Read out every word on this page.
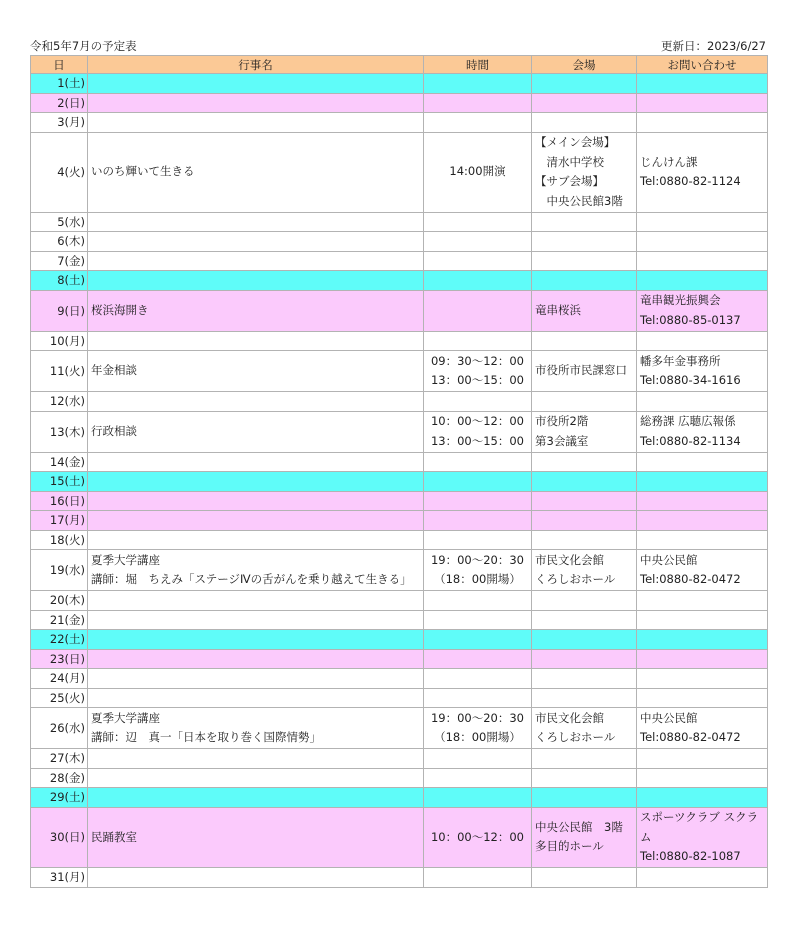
令和5年7月の予定表	更新日：2023/6/27
日	行事名	時間	会場	お問い合わせ
1(土)				
2(日)				
3(月)				
4(火)	いのち輝いて生きる	14:00開演	【メイン会場】
　清水中学校
【サブ会場】
　中央公民館3階	じんけん課
Tel:0880-82-1124

5(水)				
6(木)				
7(金)				
8(土)				
9(日)	桜浜海開き		竜串桜浜	竜串観光振興会
Tel:0880-85-0137

10(月)				
11(火)	年金相談	09：30～12：00
13：00～15：00	市役所市民課窓口	幡多年金事務所
Tel:0880-34-1616

12(水)				
13(木)	行政相談	10：00～12：00
13：00～15：00	市役所2階
第3会議室	総務課 広聴広報係
Tel:0880-82-1134

14(金)				
15(土)				
16(日)				
17(月)				
18(火)				
19(水)	夏季大学講座
講師：堀　ちえみ「ステージⅣの舌がんを乗り越えて生きる」	19：00～20：30
（18：00開場）	市民文化会館
くろしおホール	中央公民館
Tel:0880-82-0472

20(木)				
21(金)				
22(土)				
23(日)				
24(月)				
25(火)				
26(水)	夏季大学講座
講師：辺　真一「日本を取り巻く国際情勢」	19：00～20：30
（18：00開場）	市民文化会館
くろしおホール	中央公民館
Tel:0880-82-0472

27(木)				
28(金)				
29(土)				
30(日)	民踊教室	10：00～12：00	中央公民館　3階
多目的ホール	スポーツクラブ スクラ
ム
Tel:0880-82-1087

31(月)				
